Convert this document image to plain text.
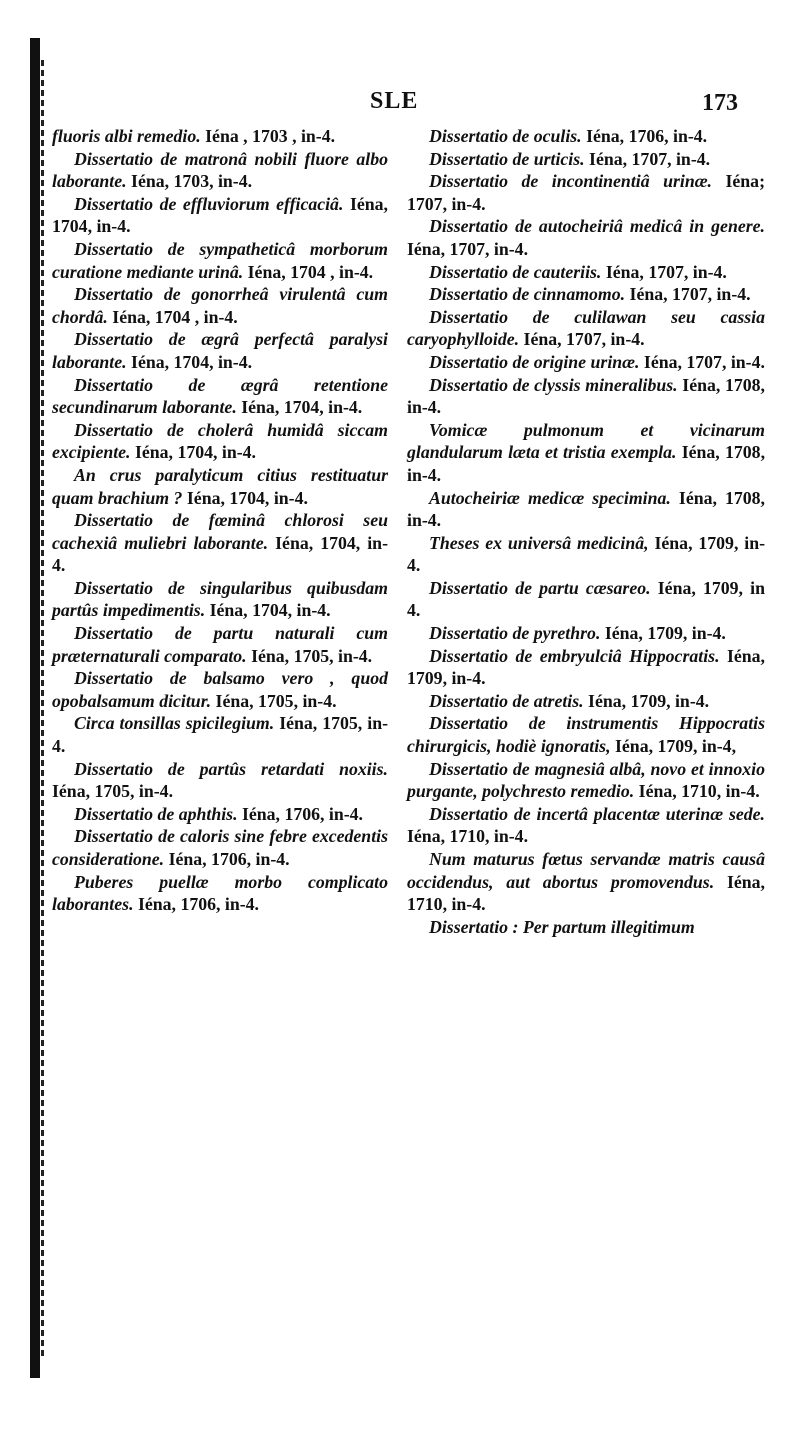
SLE	173

fluoris albi remedio. Iéna , 1703 , in-4.

Dissertatio de matronâ nobili fluore albo laborante. Iéna, 1703, in-4.

Dissertatio de effluviorum efficaciâ. Iéna, 1704, in-4.

Dissertatio de sympatheticâ morborum curatione mediante urinâ. Iéna, 1704 , in-4.

Dissertatio de gonorrheâ virulentâ cum chordâ. Iéna, 1704 , in-4.

Dissertatio de ægrâ perfectâ paralysi laborante. Iéna, 1704, in-4.

Dissertatio de ægrâ retentione secundinarum laborante. Iéna, 1704, in-4.

Dissertatio de cholerâ humidâ siccam excipiente. Iéna, 1704, in-4.

An crus paralyticum citius restituatur quam brachium ? Iéna, 1704, in-4.

Dissertatio de fœminâ chlorosi seu cachexiâ muliebri laborante. Iéna, 1704, in-4.

Dissertatio de singularibus quibusdam partûs impedimentis. Iéna, 1704, in-4.

Dissertatio de partu naturali cum præternaturali comparato. Iéna, 1705, in-4.

Dissertatio de balsamo vero , quod opobalsamum dicitur. Iéna, 1705, in-4.

Circa tonsillas spicilegium. Iéna, 1705, in-4.

Dissertatio de partûs retardati noxiis. Iéna, 1705, in-4.

Dissertatio de aphthis. Iéna, 1706, in-4.

Dissertatio de caloris sine febre excedentis consideratione. Iéna, 1706, in-4.

Puberes puellæ morbo complicato laborantes. Iéna, 1706, in-4.

Dissertatio de oculis. Iéna, 1706, in-4.

Dissertatio de urticis. Iéna, 1707, in-4.

Dissertatio de incontinentiâ urinæ. Iéna; 1707, in-4.

Dissertatio de autocheiriâ medicâ in genere. Iéna, 1707, in-4.

Dissertatio de cauteriis. Iéna, 1707, in-4.

Dissertatio de cinnamomo. Iéna, 1707, in-4.

Dissertatio de culilawan seu cassia caryophylloide. Iéna, 1707, in-4.

Dissertatio de origine urinæ. Iéna, 1707, in-4.

Dissertatio de clyssis mineralibus. Iéna, 1708, in-4.

Vomicæ pulmonum et vicinarum glandularum læta et tristia exempla. Iéna, 1708, in-4.

Autocheiriæ medicæ specimina. Iéna, 1708, in-4.

Theses ex universâ medicinâ, Iéna, 1709, in-4.

Dissertatio de partu cæsareo. Iéna, 1709, in 4.

Dissertatio de pyrethro. Iéna, 1709, in-4.

Dissertatio de embryulciâ Hippocratis. Iéna, 1709, in-4.

Dissertatio de atretis. Iéna, 1709, in-4.

Dissertatio de instrumentis Hippocratis chirurgicis, hodiè ignoratis, Iéna, 1709, in-4,

Dissertatio de magnesiâ albâ, novo et innoxio purgante, polychresto remedio. Iéna, 1710, in-4.

Dissertatio de incertâ placentæ uterinæ sede. Iéna, 1710, in-4.

Num maturus fœtus servandæ matris causâ occidendus, aut abortus promovendus. Iéna, 1710, in-4.

Dissertatio : Per partum illegitimum
